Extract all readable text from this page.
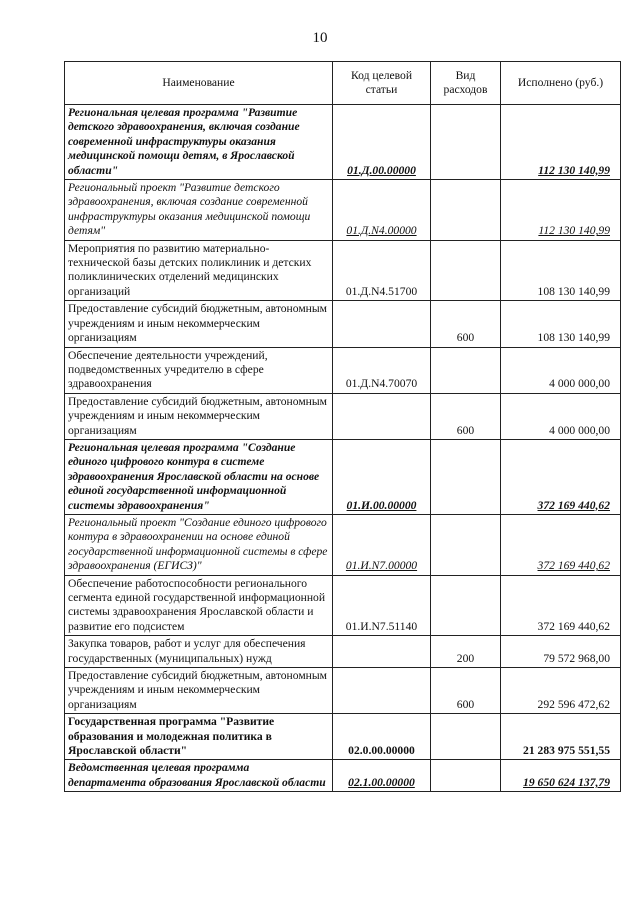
10
Наименование	Код целевой статьи	Вид расходов	Исполнено (руб.)
Региональная целевая программа "Развитие детского здравоохранения, включая создание современной инфраструктуры оказания медицинской помощи детям, в Ярославской области"	01.Д.00.00000		112 130 140,99
Региональный проект "Развитие детского здравоохранения, включая создание современной инфраструктуры оказания медицинской помощи детям"	01.Д.N4.00000		112 130 140,99
Мероприятия по развитию материально-технической базы детских поликлиник и детских поликлинических отделений медицинских организаций	01.Д.N4.51700		108 130 140,99
Предоставление субсидий бюджетным, автономным учреждениям и иным некоммерческим организациям		600	108 130 140,99
Обеспечение деятельности учреждений, подведомственных учредителю в сфере здравоохранения	01.Д.N4.70070		4 000 000,00
Предоставление субсидий бюджетным, автономным учреждениям и иным некоммерческим организациям		600	4 000 000,00
Региональная целевая программа "Создание единого цифрового контура в системе здравоохранения Ярославской области на основе единой государственной информационной системы здравоохранения"	01.И.00.00000		372 169 440,62
Региональный проект "Создание единого цифрового контура в здравоохранении на основе единой государственной информационной системы в сфере здравоохранения (ЕГИСЗ)"	01.И.N7.00000		372 169 440,62
Обеспечение работоспособности регионального сегмента единой государственной информационной системы здравоохранения Ярославской области и развитие его подсистем	01.И.N7.51140		372 169 440,62
Закупка товаров, работ и услуг для обеспечения государственных (муниципальных) нужд		200	79 572 968,00
Предоставление субсидий бюджетным, автономным учреждениям и иным некоммерческим организациям		600	292 596 472,62
Государственная программа "Развитие образования и молодежная политика в Ярославской области"	02.0.00.00000		21 283 975 551,55
Ведомственная целевая программа департамента образования Ярославской области	02.1.00.00000		19 650 624 137,79
